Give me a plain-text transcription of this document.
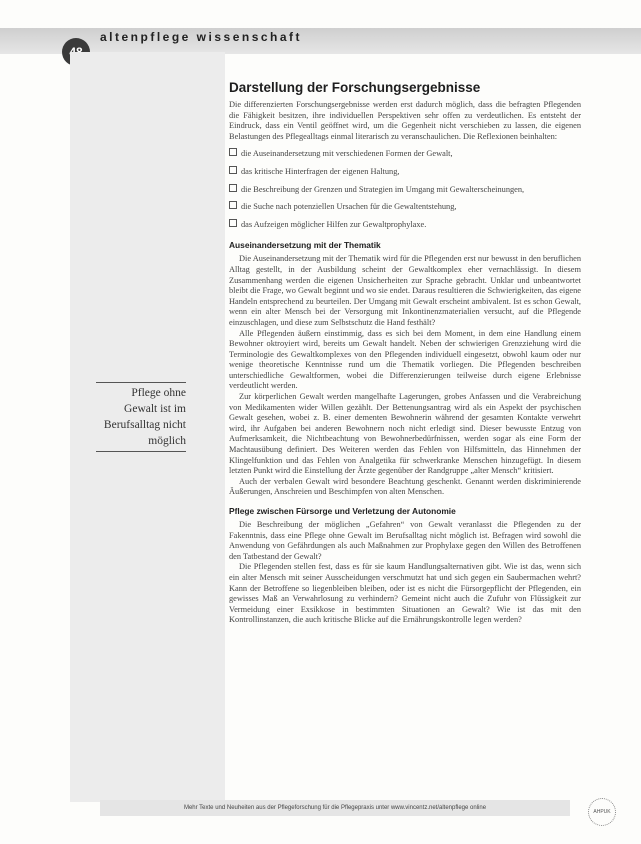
altenpflege wissenschaft
Pflege ohne Gewalt ist im Berufsalltag nicht möglich
Darstellung der Forschungsergebnisse

Die differenzierten Forschungsergebnisse werden erst dadurch möglich, dass die befragten Pflegenden die Fähigkeit besitzen, ihre individuellen Perspektiven sehr offen zu verdeutlichen. Es entsteht der Eindruck, dass ein Ventil geöffnet wird, um die Gegenheit nicht verschieben zu lassen, die eigenen Belastungen des Pflegealltags einmal literarisch zu veranschaulichen. Die Reflexionen beinhalten:

die Auseinandersetzung mit verschiedenen Formen der Gewalt,
das kritische Hinterfragen der eigenen Haltung,
die Beschreibung der Grenzen und Strategien im Umgang mit Gewalterscheinungen,
die Suche nach potenziellen Ursachen für die Gewaltentstehung,
das Aufzeigen möglicher Hilfen zur Gewaltprophylaxe.
Auseinandersetzung mit der Thematik

Die Auseinandersetzung mit der Thematik wird für die Pflegenden erst nur bewusst in den beruflichen Alltag gestellt, in der Ausbildung scheint der Gewaltkomplex eher vernachlässigt. In diesem Zusammenhang werden die eigenen Unsicherheiten zur Sprache gebracht. Unklar und unbeantwortet bleibt die Frage, wo Gewalt beginnt und wo sie endet. Daraus resultieren die Schwierigkeiten, das eigene Handeln entsprechend zu beurteilen. Der Umgang mit Gewalt erscheint ambivalent. Ist es schon Gewalt, wenn ein alter Mensch bei der Versorgung mit Inkontinenzmaterialien versucht, auf die Pflegende einzuschlagen, und diese zum Selbstschutz die Hand festhält?

Alle Pflegenden äußern einstimmig, dass es sich bei dem Moment, in dem eine Handlung einem Bewohner oktroyiert wird, bereits um Gewalt handelt. Neben der schwierigen Grenzziehung wird die Terminologie des Gewaltkomplexes von den Pflegenden individuell eingesetzt, obwohl kaum oder nur wenige theoretische Kenntnisse rund um die Thematik vorliegen. Die Pflegenden beschreiben unterschiedliche Gewaltformen, wobei die Differenzierungen teilweise durch eigene Erlebnisse verdeutlicht werden.

Zur körperlichen Gewalt werden mangelhafte Lagerungen, grobes Anfassen und die Verabreichung von Medikamenten wider Willen gezählt. Der Bettenungsantrag wird als ein Aspekt der psychischen Gewalt gesehen, wobei z. B. einer dementen Bewohnerin während der gesamten Kontakte verwehrt wird, ihr Aufgaben bei anderen Bewohnern noch nicht erledigt sind. Dieser bewusste Entzug von Aufmerksamkeit, die Nichtbeachtung von Bewohnerbedürfnissen, werden sogar als eine Form der Machtausübung definiert. Des Weiteren werden das Fehlen von Hilfsmitteln, das Hinnehmen der Klingelfunktion und das Fehlen von Analgetika für schwerkranke Menschen hinzugefügt. In diesem letzten Punkt wird die Einstellung der Ärzte gegenüber der Randgruppe „alter Mensch“ kritisiert.

Auch der verbalen Gewalt wird besondere Beachtung geschenkt. Genannt werden diskriminierende Äußerungen, Anschreien und Beschimpfen von alten Menschen.

Pflege zwischen Fürsorge und Verletzung der Autonomie

Die Beschreibung der möglichen „Gefahren“ von Gewalt veranlasst die Pflegenden zu der Fakenntnis, dass eine Pflege ohne Gewalt im Berufsalltag nicht möglich ist. Befragen wird sowohl die Anwendung von Gefährdungen als auch Maßnahmen zur Prophylaxe gegen den Willen des Betroffenen den Tatbestand der Gewalt?

Die Pflegenden stellen fest, dass es für sie kaum Handlungsalternativen gibt. Wie ist das, wenn sich ein alter Mensch mit seiner Ausscheidungen verschmutzt hat und sich gegen ein Saubermachen wehrt? Kann der Betroffene so liegenbleiben bleiben, oder ist es nicht die Fürsorgepflicht der Pflegenden, ein gewisses Maß an Verwahrlosung zu verhindern? Gemeint nicht auch die Zufuhr von Flüssigkeit zur Vermeidung einer Exsikkose in bestimmten Situationen an Gewalt? Wie ist das mit den Kontrollinstanzen, die auch kritische Blicke auf die Ernährungskontrolle legen werden?

Mehr Texte und Neuheiten aus der Pflegeforschung für die Pflegepraxis unter www.vincentz.net/altenpflege online
AHPUK
